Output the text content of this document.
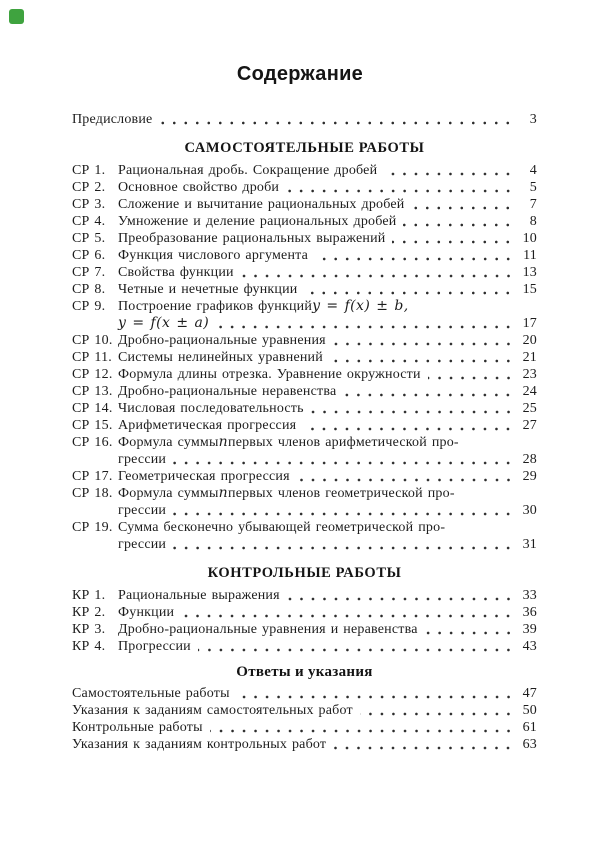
Содержание
Предисловие	3
САМОСТОЯТЕЛЬНЫЕ РАБОТЫ
СР 1. Рациональная дробь. Сокращение дробей	4
СР 2. Основное свойство дроби	5
СР 3. Сложение и вычитание рациональных дробей	7
СР 4. Умножение и деление рациональных дробей	8
СР 5. Преобразование рациональных выражений	10
СР 6. Функция числового аргумента	11
СР 7. Свойства функции	13
СР 8. Четные и нечетные функции	15
СР 9. Построение графиков функций y = f(x) ± b,
y = f(x ± a)	17
СР 10. Дробно-рациональные уравнения	20
СР 11. Системы нелинейных уравнений	21
СР 12. Формула длины отрезка. Уравнение окружности	23
СР 13. Дробно-рациональные неравенства	24
СР 14. Числовая последовательность	25
СР 15. Арифметическая прогрессия	27
СР 16. Формула суммы n первых членов арифметической про-
грессии	28
СР 17. Геометрическая прогрессия	29
СР 18. Формула суммы n первых членов геометрической про-
грессии	30
СР 19. Сумма бесконечно убывающей геометрической про-
грессии	31
КОНТРОЛЬНЫЕ РАБОТЫ
КР 1. Рациональные выражения	33
КР 2. Функции	36
КР 3. Дробно-рациональные уравнения и неравенства	39
КР 4. Прогрессии	43
Ответы и указания
Самостоятельные работы	47
Указания к заданиям самостоятельных работ	50
Контрольные работы	61
Указания к заданиям контрольных работ	63
